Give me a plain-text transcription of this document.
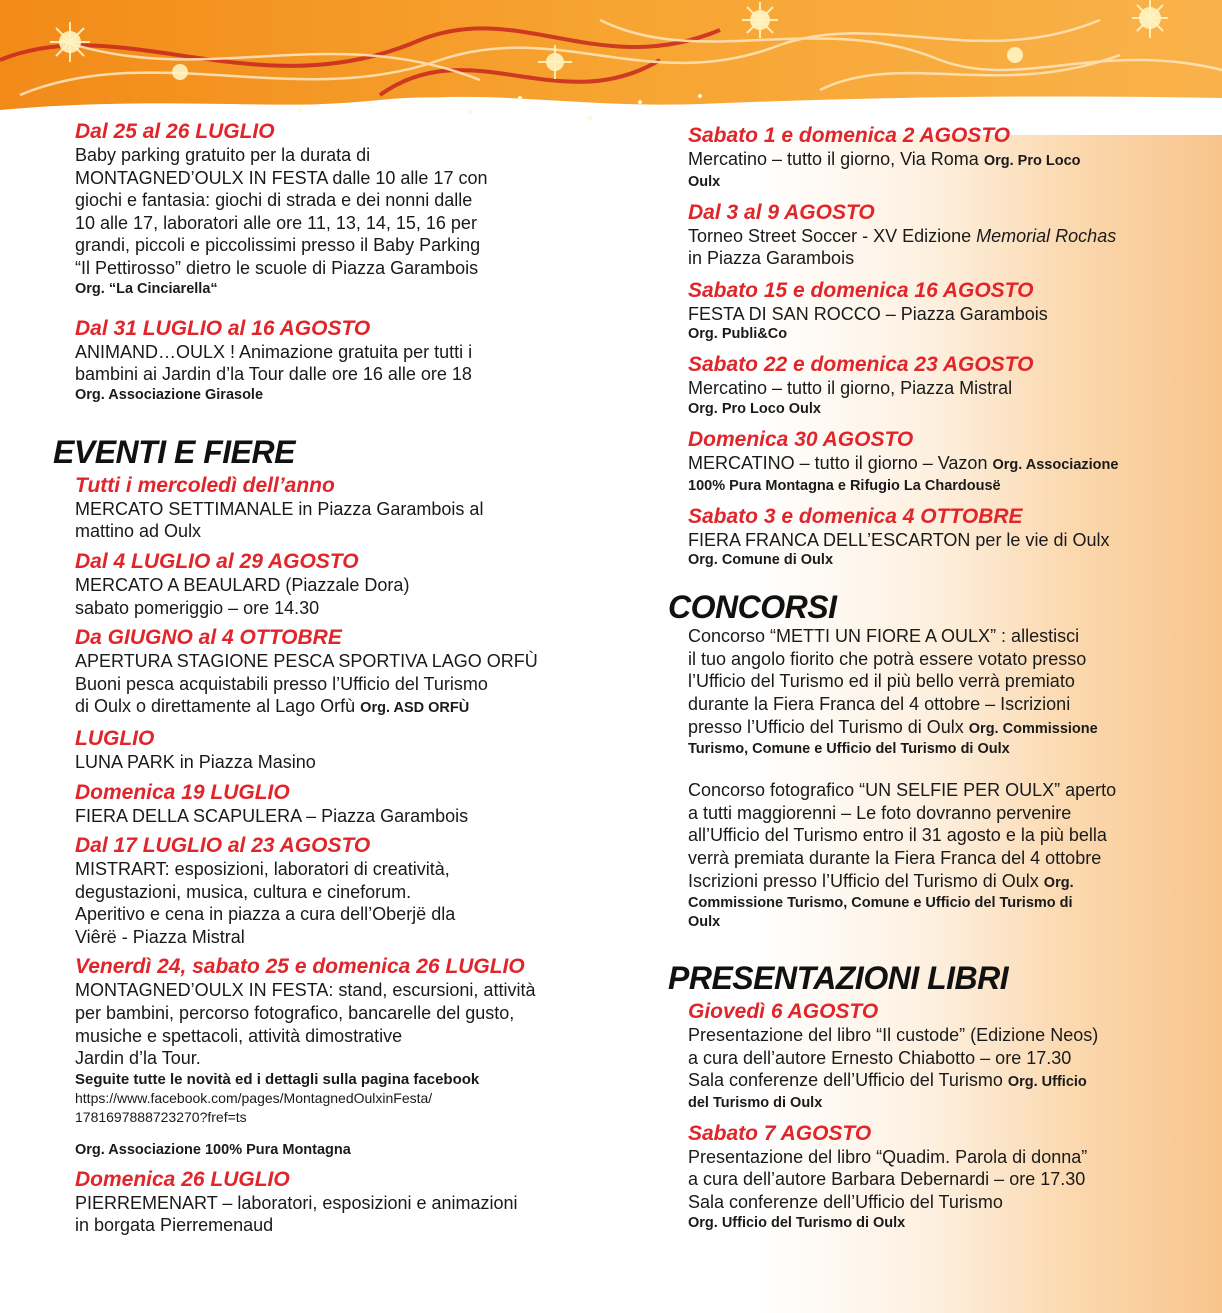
Dal 25 al 26 LUGLIO
Baby parking gratuito per la durata di
MONTAGNED’OULX IN FESTA dalle 10 alle 17 con
giochi e fantasia: giochi di strada e dei nonni dalle
10 alle 17, laboratori alle ore 11, 13, 14, 15, 16 per
grandi, piccoli e piccolissimi presso il Baby Parking
“Il Pettirosso” dietro le scuole di Piazza Garambois
Org. “La Cinciarella“
Dal 31 LUGLIO al 16 AGOSTO
ANIMAND…OULX ! Animazione gratuita per tutti i
bambini ai Jardin d’la Tour dalle ore 16 alle ore 18
Org. Associazione Girasole
EVENTI E FIERE
Tutti i mercoledì dell’anno
MERCATO SETTIMANALE in Piazza Garambois al
mattino ad Oulx
Dal 4 LUGLIO al 29 AGOSTO
MERCATO A BEAULARD (Piazzale Dora)
sabato pomeriggio – ore 14.30
Da GIUGNO al 4 OTTOBRE
APERTURA STAGIONE PESCA SPORTIVA LAGO ORFÙ
Buoni pesca acquistabili presso l’Ufficio del Turismo
di Oulx o direttamente al Lago Orfù Org. ASD ORFÙ
LUGLIO
LUNA PARK in Piazza Masino
Domenica 19 LUGLIO
FIERA DELLA SCAPULERA – Piazza Garambois
Dal 17 LUGLIO al 23 AGOSTO
MISTRART: esposizioni, laboratori di creatività,
degustazioni, musica, cultura e cineforum.
Aperitivo e cena in piazza a cura dell’Oberjë dla
Viêrë - Piazza Mistral
Venerdì 24, sabato 25 e domenica 26 LUGLIO
MONTAGNED’OULX IN FESTA: stand, escursioni, attività
per bambini, percorso fotografico, bancarelle del gusto,
musiche e spettacoli, attività dimostrative
Jardin d’la Tour.
Seguite tutte le novità ed i dettagli sulla pagina facebook
https://www.facebook.com/pages/MontagnedOulxinFesta/
1781697888723270?fref=ts
Org. Associazione 100% Pura Montagna
Domenica 26 LUGLIO
PIERREMENART – laboratori, esposizioni e animazioni
in borgata Pierremenaud
Sabato 1 e domenica 2 AGOSTO
Mercatino – tutto il giorno, Via Roma Org. Pro Loco
Oulx
Dal 3 al 9 AGOSTO
Torneo Street Soccer - XV Edizione Memorial Rochas
in Piazza Garambois
Sabato 15 e domenica 16 AGOSTO
FESTA DI SAN ROCCO – Piazza Garambois
Org. Publi&Co
Sabato 22 e domenica 23 AGOSTO
Mercatino – tutto il giorno, Piazza Mistral
Org. Pro Loco Oulx
Domenica 30 AGOSTO
MERCATINO – tutto il giorno – Vazon Org. Associazione
100% Pura Montagna e Rifugio La Chardousë
Sabato 3 e domenica 4 OTTOBRE
FIERA FRANCA DELL’ESCARTON per le vie di Oulx
Org. Comune di Oulx
CONCORSI
Concorso “METTI UN FIORE A OULX” : allestisci
il tuo angolo fiorito che potrà essere votato presso
l’Ufficio del Turismo ed il più bello verrà premiato
durante la Fiera Franca del 4 ottobre – Iscrizioni
presso l’Ufficio del Turismo di Oulx Org. Commissione
Turismo, Comune e Ufficio del Turismo di Oulx
Concorso fotografico “UN SELFIE PER OULX” aperto
a tutti maggiorenni – Le foto dovranno pervenire
all’Ufficio del Turismo entro il 31 agosto e la più bella
verrà premiata durante la Fiera Franca del 4 ottobre
Iscrizioni presso l’Ufficio del Turismo di Oulx Org.
Commissione Turismo, Comune e Ufficio del Turismo di
Oulx
PRESENTAZIONI LIBRI
Giovedì 6 AGOSTO
Presentazione del libro “Il custode” (Edizione Neos)
a cura dell’autore Ernesto Chiabotto – ore 17.30
Sala conferenze dell’Ufficio del Turismo Org. Ufficio
del Turismo di Oulx
Sabato 7 AGOSTO
Presentazione del libro “Quadim. Parola di donna”
a cura dell’autore Barbara Debernardi – ore 17.30
Sala conferenze dell’Ufficio del Turismo
Org. Ufficio del Turismo di Oulx
